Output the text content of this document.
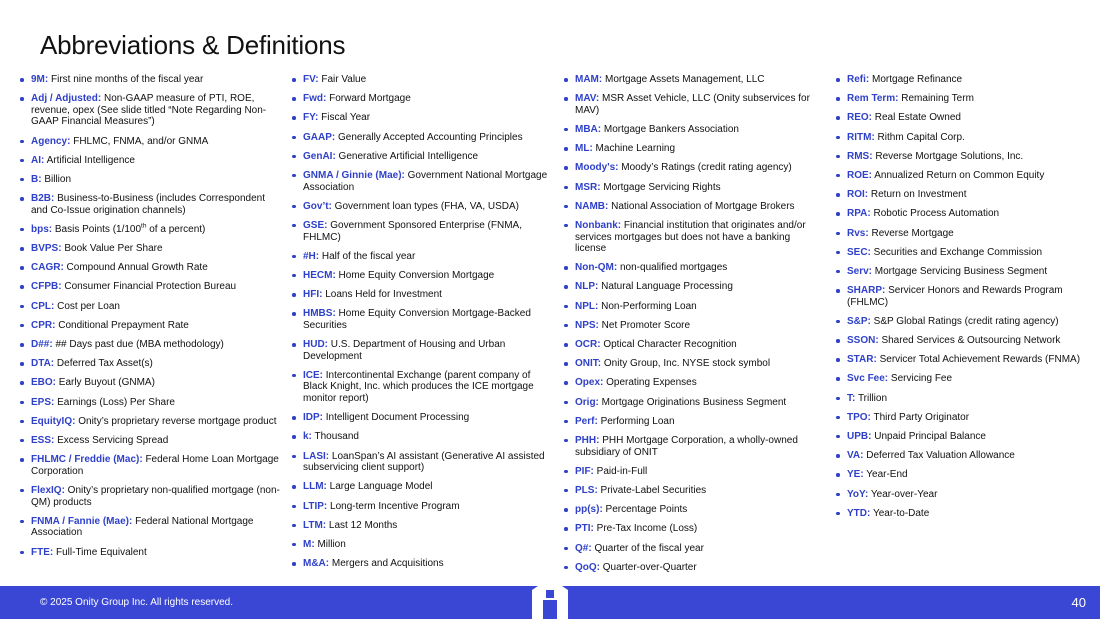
Abbreviations & Definitions
9M: First nine months of the fiscal year
Adj / Adjusted: Non-GAAP measure of PTI, ROE, revenue, opex (See slide titled “Note Regarding Non-GAAP Financial Measures”)
Agency: FHLMC, FNMA, and/or GNMA
AI: Artificial Intelligence
B: Billion
B2B: Business-to-Business (includes Correspondent and Co-Issue origination channels)
bps: Basis Points (1/100th of a percent)
BVPS: Book Value Per Share
CAGR: Compound Annual Growth Rate
CFPB: Consumer Financial Protection Bureau
CPL: Cost per Loan
CPR: Conditional Prepayment Rate
D##: ## Days past due (MBA methodology)
DTA: Deferred Tax Asset(s)
EBO: Early Buyout (GNMA)
EPS: Earnings (Loss) Per Share
EquityIQ: Onity’s proprietary reverse mortgage product
ESS: Excess Servicing Spread
FHLMC / Freddie (Mac): Federal Home Loan Mortgage Corporation
FlexIQ: Onity’s proprietary non-qualified mortgage (non-QM) products
FNMA / Fannie (Mae): Federal National Mortgage Association
FTE: Full-Time Equivalent
FV: Fair Value
Fwd: Forward Mortgage
FY: Fiscal Year
GAAP: Generally Accepted Accounting Principles
GenAI: Generative Artificial Intelligence
GNMA / Ginnie (Mae): Government National Mortgage Association
Gov’t: Government loan types (FHA, VA, USDA)
GSE: Government Sponsored Enterprise (FNMA, FHLMC)
#H: Half of the fiscal year
HECM: Home Equity Conversion Mortgage
HFI: Loans Held for Investment
HMBS: Home Equity Conversion Mortgage-Backed Securities
HUD: U.S. Department of Housing and Urban Development
ICE: Intercontinental Exchange (parent company of Black Knight, Inc. which produces the ICE mortgage monitor report)
IDP: Intelligent Document Processing
k: Thousand
LASI: LoanSpan’s AI assistant (Generative AI assisted subservicing client support)
LLM: Large Language Model
LTIP: Long-term Incentive Program
LTM: Last 12 Months
M: Million
M&A: Mergers and Acquisitions
MAM: Mortgage Assets Management, LLC
MAV: MSR Asset Vehicle, LLC (Onity subservices for MAV)
MBA: Mortgage Bankers Association
ML: Machine Learning
Moody's: Moody’s Ratings (credit rating agency)
MSR: Mortgage Servicing Rights
NAMB: National Association of Mortgage Brokers
Nonbank: Financial institution that originates and/or services mortgages but does not have a banking license
Non-QM: non-qualified mortgages
NLP: Natural Language Processing
NPL: Non-Performing Loan
NPS: Net Promoter Score
OCR: Optical Character Recognition
ONIT: Onity Group, Inc. NYSE stock symbol
Opex: Operating Expenses
Orig: Mortgage Originations Business Segment
Perf: Performing Loan
PHH: PHH Mortgage Corporation, a wholly-owned subsidiary of ONIT
PIF: Paid-in-Full
PLS: Private-Label Securities
pp(s): Percentage Points
PTI: Pre-Tax Income (Loss)
Q#: Quarter of the fiscal year
QoQ: Quarter-over-Quarter
Refi: Mortgage Refinance
Rem Term: Remaining Term
REO: Real Estate Owned
RITM: Rithm Capital Corp.
RMS: Reverse Mortgage Solutions, Inc.
ROE: Annualized Return on Common Equity
ROI: Return on Investment
RPA: Robotic Process Automation
Rvs: Reverse Mortgage
SEC: Securities and Exchange Commission
Serv: Mortgage Servicing Business Segment
SHARP: Servicer Honors and Rewards Program (FHLMC)
S&P: S&P Global Ratings (credit rating agency)
SSON: Shared Services & Outsourcing Network
STAR: Servicer Total Achievement Rewards (FNMA)
Svc Fee: Servicing Fee
T: Trillion
TPO: Third Party Originator
UPB: Unpaid Principal Balance
VA: Deferred Tax Valuation Allowance
YE: Year-End
YoY: Year-over-Year
YTD: Year-to-Date
© 2025 Onity Group Inc. All rights reserved.	40
